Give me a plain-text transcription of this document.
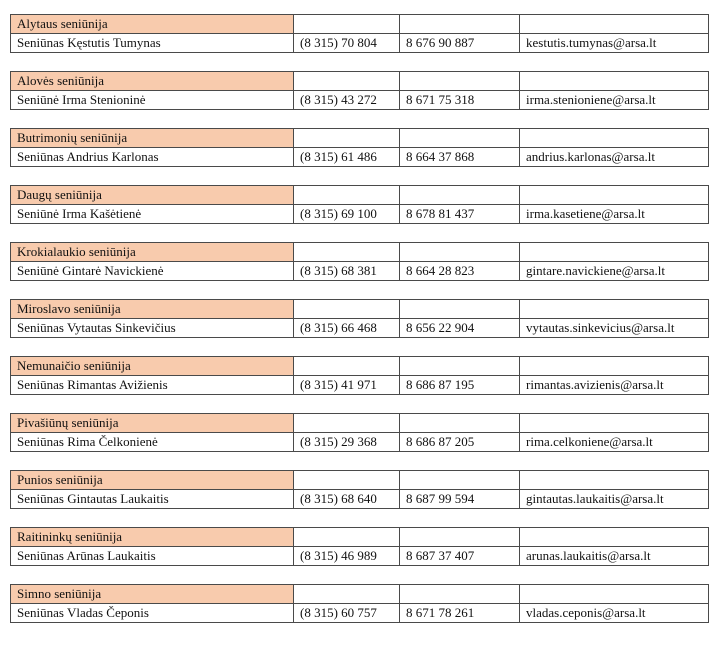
Alytaus seniūnija			
Seniūnas Kęstutis Tumynas	(8 315) 70 804	8 676 90 887	kestutis.tumynas@arsa.lt
Alovės seniūnija			
Seniūnė Irma Stenioninė	(8 315) 43 272	8 671 75 318	irma.stenioniene@arsa.lt
Butrimonių seniūnija			
Seniūnas Andrius Karlonas	(8 315) 61 486	8 664 37 868	andrius.karlonas@arsa.lt
Daugų seniūnija			
Seniūnė Irma Kašėtienė	(8 315) 69 100	8 678 81 437	irma.kasetiene@arsa.lt
Krokialaukio seniūnija			
Seniūnė Gintarė Navickienė	(8 315) 68 381	8 664 28 823	gintare.navickiene@arsa.lt
Miroslavo seniūnija			
Seniūnas Vytautas Sinkevičius	(8 315) 66 468	8 656 22 904	vytautas.sinkevicius@arsa.lt
Nemunaičio seniūnija			
Seniūnas Rimantas Avižienis	(8 315) 41 971	8 686 87 195	rimantas.avizienis@arsa.lt
Pivašiūnų seniūnija			
Seniūnas Rima Čelkonienė	(8 315) 29 368	8 686 87 205	rima.celkoniene@arsa.lt
Punios seniūnija			
Seniūnas Gintautas Laukaitis	(8 315) 68 640	8 687 99 594	gintautas.laukaitis@arsa.lt
Raitininkų seniūnija			
Seniūnas Arūnas Laukaitis	(8 315) 46 989	8 687 37 407	arunas.laukaitis@arsa.lt
Simno seniūnija			
Seniūnas Vladas Čeponis	(8 315) 60 757	8 671 78 261	vladas.ceponis@arsa.lt
